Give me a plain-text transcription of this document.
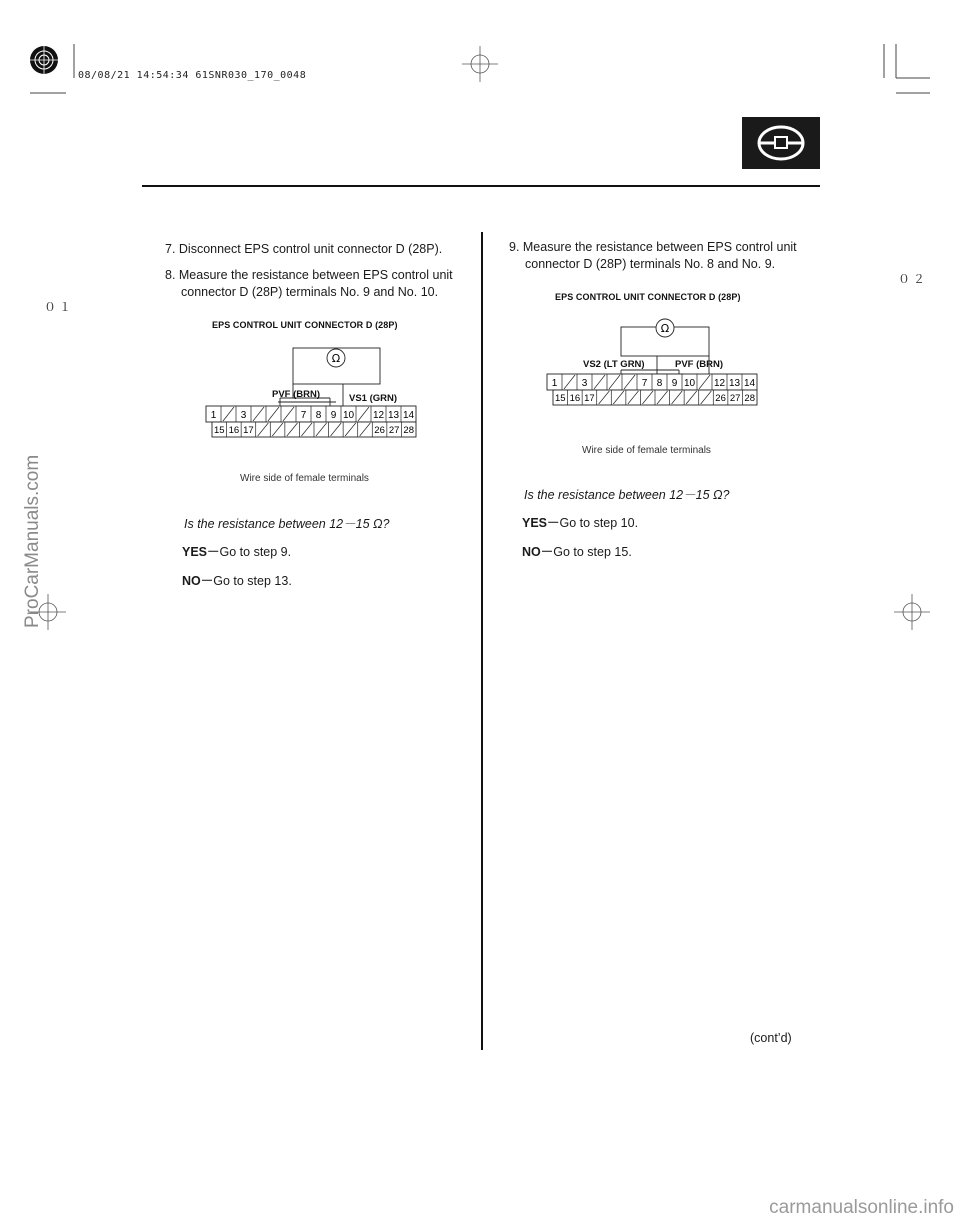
08/08/21 14:54:34 61SNR030_170_0048
０１
０２
7. Disconnect EPS control unit connector D (28P).
8. Measure the resistance between EPS control unit connector D (28P) terminals No. 9 and No. 10.
EPS CONTROL UNIT CONNECTOR D (28P)
Ω
1 3	7 8 9 10 12 13 14
15 16 17	26 27 28
PVF (BRN)	VS1 (GRN)
Wire side of female terminals
Is the resistance between 12－15 Ω?
YES－Go to step 9.
NO－Go to step 13.
9. Measure the resistance between EPS control unit connector D (28P) terminals No. 8 and No. 9.
EPS CONTROL UNIT CONNECTOR D (28P)
Ω
1 3	7 8 9 10 12 13 14
15 16 17	26 27 28
VS2 (LT GRN)	PVF (BRN)
Wire side of female terminals
Is the resistance between 12－15 Ω?
YES－Go to step 10.
NO－Go to step 15.
(cont’d)
ProCarManuals.com
carmanualsonline.info
